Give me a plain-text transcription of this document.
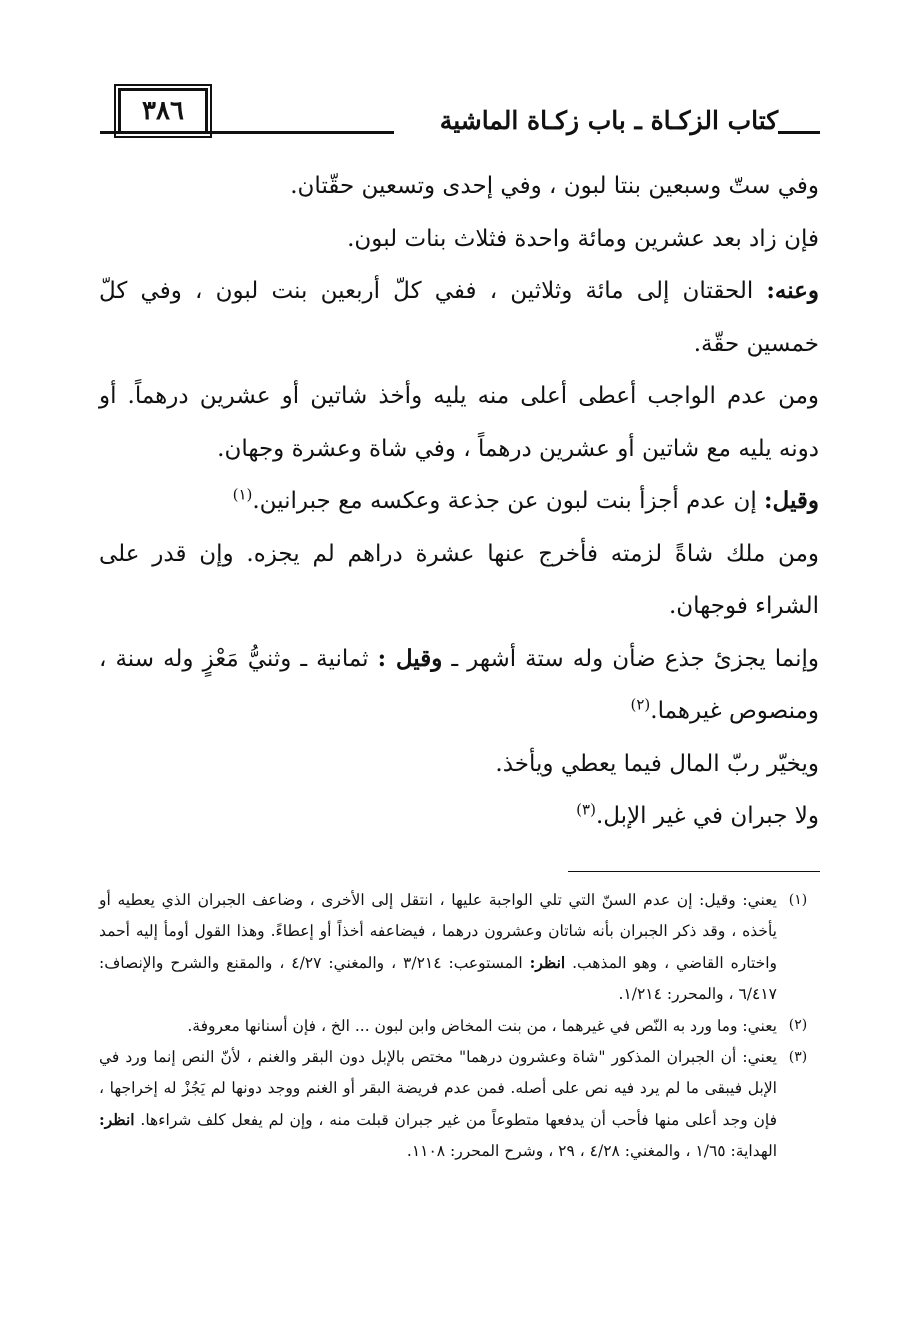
٣٨٦	كتاب الزكـاة ـ باب زكـاة الماشية

وفي ستّ وسبعين بنتا لبون ، وفي إحدى وتسعين حقّتان.

فإن زاد بعد عشرين ومائة واحدة فثلاث بنات لبون.

وعنه: الحقتان إلى مائة وثلاثين ، ففي كلّ أربعين بنت لبون ، وفي كلّ خمسين حقّة.

ومن عدم الواجب أعطى أعلى منه يليه وأخذ شاتين أو عشرين درهماً. أو دونه يليه مع شاتين أو عشرين درهماً ، وفي شاة وعشرة وجهان.

وقيل: إن عدم أجزأ بنت لبون عن جذعة وعكسه مع جبرانين.$^{(١)}$

ومن ملك شاةً لزمته فأخرج عنها عشرة دراهم لم يجزه. وإن قدر على الشراء فوجهان.

وإنما يجزئ جذع ضأن وله ستة أشهر ـ وقيل : ثمانية ـ وثنيُّ مَعْزٍ وله سنة ، ومنصوص غيرهما.$^{(٢)}$

ويخيّر ربّ المال فيما يعطي ويأخذ.

ولا جبران في غير الإبل.$^{(٣)}$

(١)
يعني: وقيل: إن عدم السنّ التي تلي الواجبة عليها ، انتقل إلى الأخرى ، وضاعف الجبران الذي يعطيه أو يأخذه ، وقد ذكر الجبران بأنه شاتان وعشرون درهما ، فيضاعفه أخذاً أو إعطاءً. وهذا القول أومأ إليه أحمد واختاره القاضي ، وهو المذهب. انظر: المستوعب: ٣/٢١٤ ، والمغني: ٤/٢٧ ، والمقنع والشرح والإنصاف: ٦/٤١٧ ، والمحرر: ١/٢١٤.
(٢)
يعني: وما ورد به النّص في غيرهما ، من بنت المخاض وابن لبون ... الخ ، فإن أسنانها معروفة.
(٣)
يعني: أن الجبران المذكور "شاة وعشرون درهما" مختص بالإبل دون البقر والغنم ، لأنّ النص إنما ورد في الإبل فيبقى ما لم يرد فيه نص على أصله. فمن عدم فريضة البقر أو الغنم ووجد دونها لم يَجُزْ له إخراجها ، فإن وجد أعلى منها فأحب أن يدفعها متطوعاً من غير جبران قبلت منه ، وإن لم يفعل كلف شراءها. انظر: الهداية: ١/٦٥ ، والمغني: ٤/٢٨ ، ٢٩ ، وشرح المحرر: ١١٠٨.
